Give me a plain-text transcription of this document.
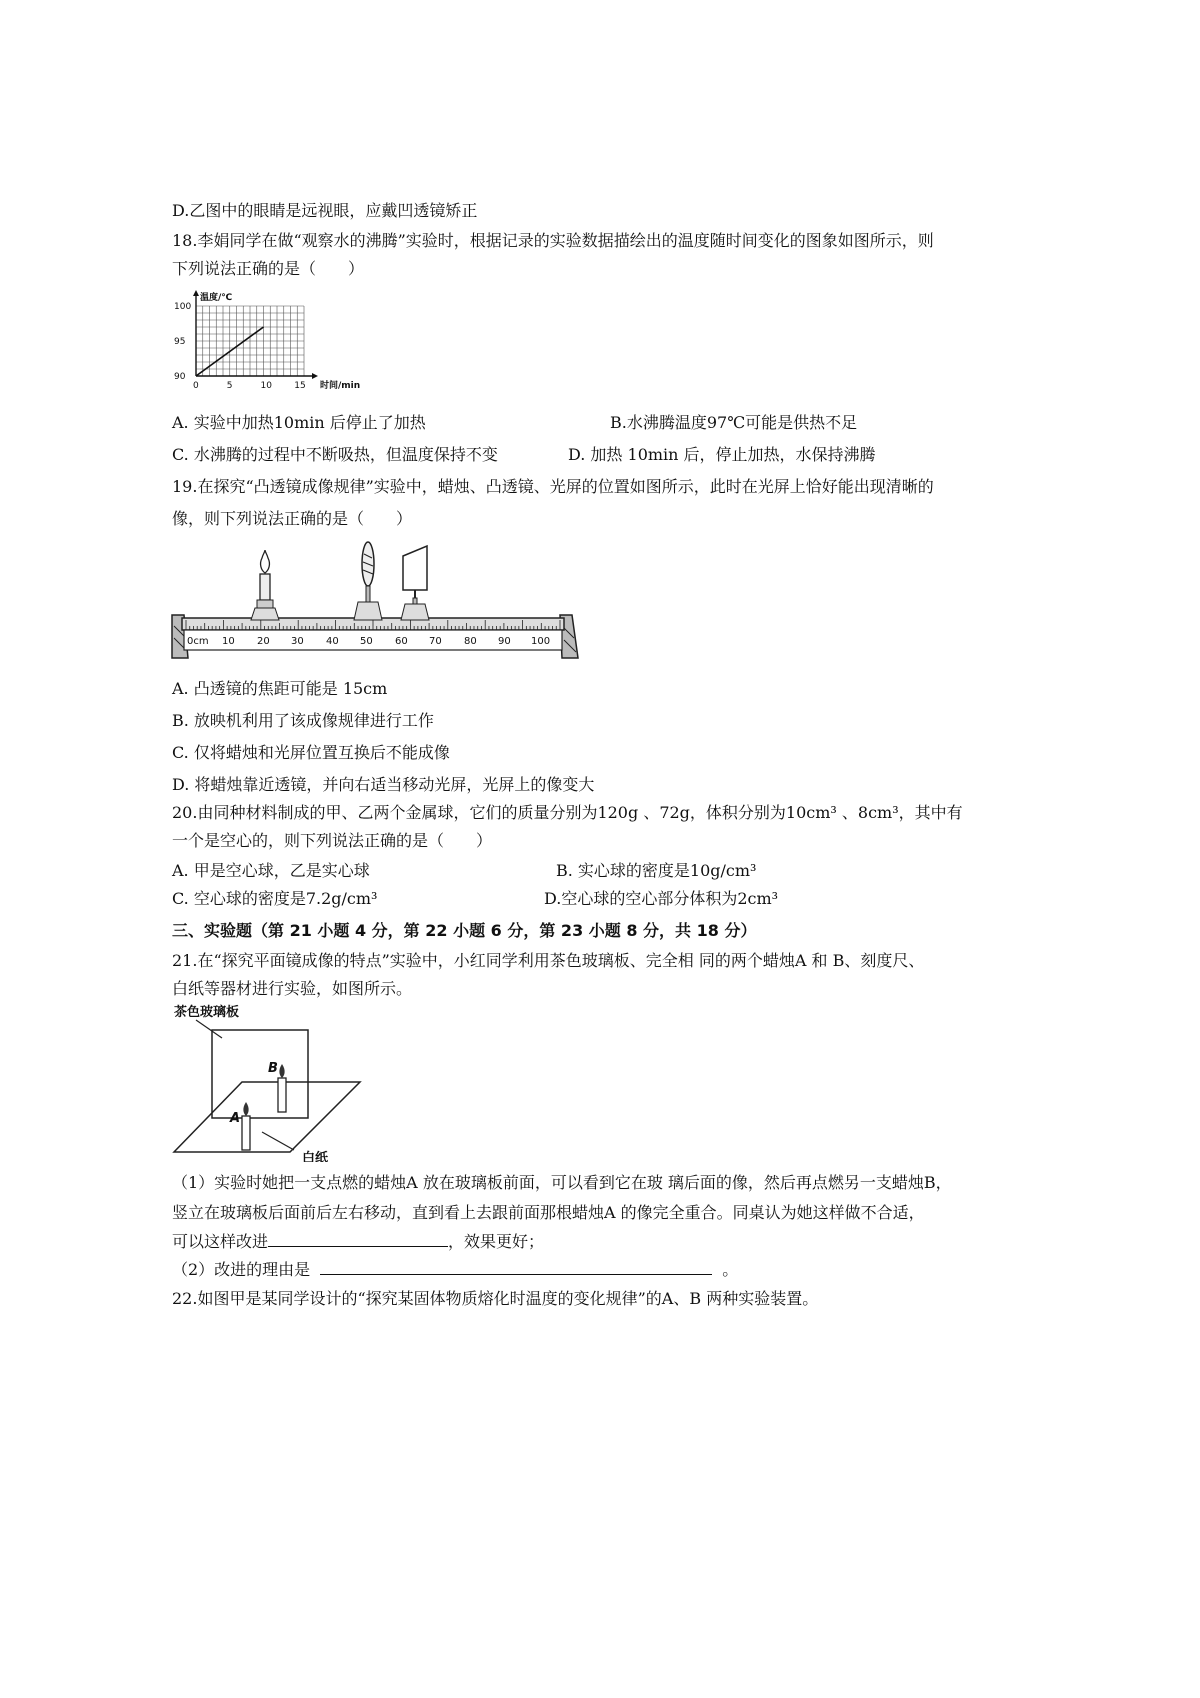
D.乙图中的眼睛是远视眼，应戴凹透镜矫正
18.李娟同学在做“观察水的沸腾”实验时，根据记录的实验数据描绘出的温度随时间变化的图象如图所示，则
下列说法正确的是（　　）
0	5	10 15
90
95
100
温度/℃
时间/min
A. 实验中加热10min 后停止了加热	B.水沸腾温度97℃可能是供热不足
C. 水沸腾的过程中不断吸热，但温度保持不变	D. 加热 10min 后，停止加热，水保持沸腾
19.在探究“凸透镜成像规律”实验中，蜡烛、凸透镜、光屏的位置如图所示，此时在光屏上恰好能出现清晰的
像，则下列说法正确的是（　　）
0cm 10 20 30 40 50 60 70 80 90 100
A. 凸透镜的焦距可能是 15cm
B. 放映机利用了该成像规律进行工作
C. 仅将蜡烛和光屏位置互换后不能成像
D. 将蜡烛靠近透镜，并向右适当移动光屏，光屏上的像变大
20.由同种材料制成的甲、乙两个金属球，它们的质量分别为120g 、72g，体积分别为10cm³ 、8cm³，其中有
一个是空心的，则下列说法正确的是（　　）
A. 甲是空心球，乙是实心球	B. 实心球的密度是10g/cm³
C. 空心球的密度是7.2g/cm³	D.空心球的空心部分体积为2cm³
三、实验题（第 21 小题 4 分，第 22 小题 6 分，第 23 小题 8 分，共 18 分）
21.在“探究平面镜成像的特点”实验中，小红同学利用茶色玻璃板、完全相 同的两个蜡烛A 和 B、刻度尺、
白纸等器材进行实验，如图所示。
茶色玻璃板
白纸
B
A
（1）实验时她把一支点燃的蜡烛A 放在玻璃板前面，可以看到它在玻 璃后面的像，然后再点燃另一支蜡烛B，
竖立在玻璃板后面前后左右移动，直到看上去跟前面那根蜡烛A 的像完全重合。同桌认为她这样做不合适，
可以这样改进	，效果更好；
（2）改进的理由是	。
22.如图甲是某同学设计的“探究某固体物质熔化时温度的变化规律”的A、B 两种实验装置。
